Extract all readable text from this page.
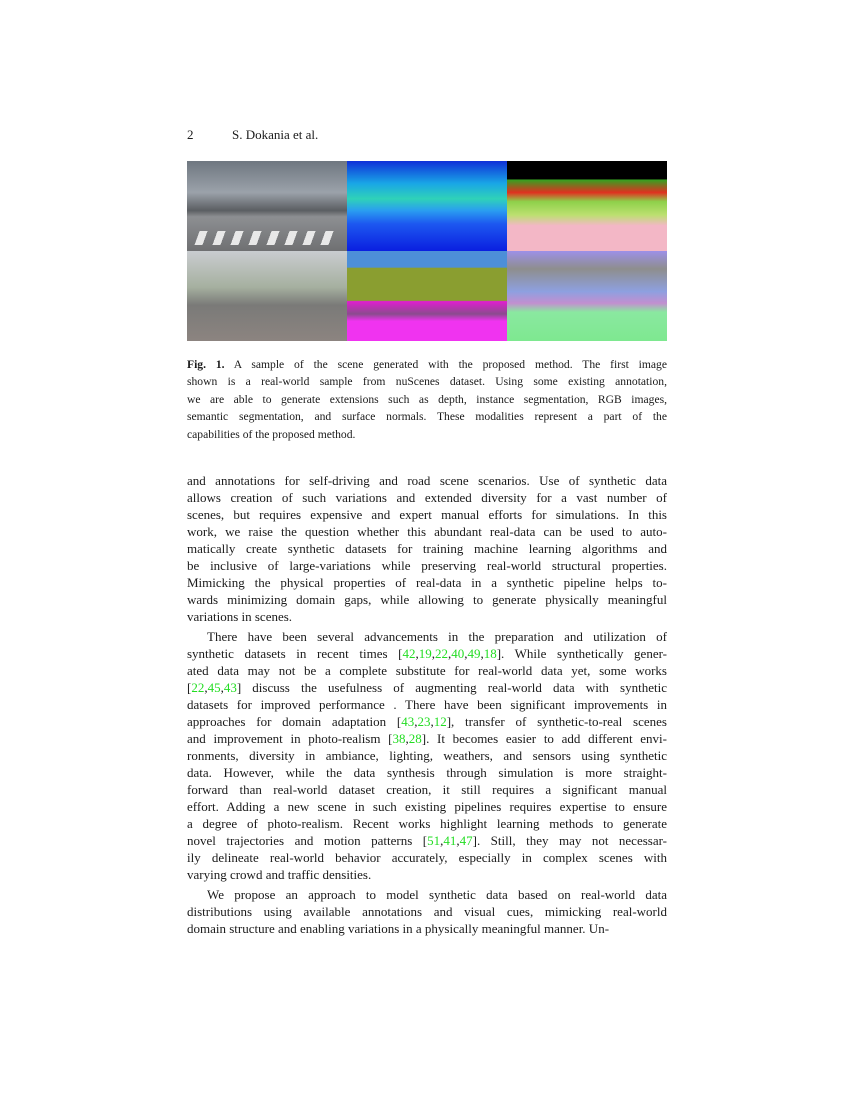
2	S. Dokania et al.
Fig. 1. A sample of the scene generated with the proposed method. The first image
shown is a real-world sample from nuScenes dataset. Using some existing annotation,
we are able to generate extensions such as depth, instance segmentation, RGB images,
semantic segmentation, and surface normals. These modalities represent a part of the
capabilities of the proposed method.
and annotations for self-driving and road scene scenarios. Use of synthetic data
allows creation of such variations and extended diversity for a vast number of
scenes, but requires expensive and expert manual efforts for simulations. In this
work, we raise the question whether this abundant real-data can be used to auto-
matically create synthetic datasets for training machine learning algorithms and
be inclusive of large-variations while preserving real-world structural properties.
Mimicking the physical properties of real-data in a synthetic pipeline helps to-
wards minimizing domain gaps, while allowing to generate physically meaningful
variations in scenes.
There have been several advancements in the preparation and utilization of
synthetic datasets in recent times [42,19,22,40,49,18]. While synthetically gener-
ated data may not be a complete substitute for real-world data yet, some works
[22,45,43] discuss the usefulness of augmenting real-world data with synthetic
datasets for improved performance . There have been significant improvements in
approaches for domain adaptation [43,23,12], transfer of synthetic-to-real scenes
and improvement in photo-realism [38,28]. It becomes easier to add different envi-
ronments, diversity in ambiance, lighting, weathers, and sensors using synthetic
data. However, while the data synthesis through simulation is more straight-
forward than real-world dataset creation, it still requires a significant manual
effort. Adding a new scene in such existing pipelines requires expertise to ensure
a degree of photo-realism. Recent works highlight learning methods to generate
novel trajectories and motion patterns [51,41,47]. Still, they may not necessar-
ily delineate real-world behavior accurately, especially in complex scenes with
varying crowd and traffic densities.
We propose an approach to model synthetic data based on real-world data
distributions using available annotations and visual cues, mimicking real-world
domain structure and enabling variations in a physically meaningful manner. Un-
